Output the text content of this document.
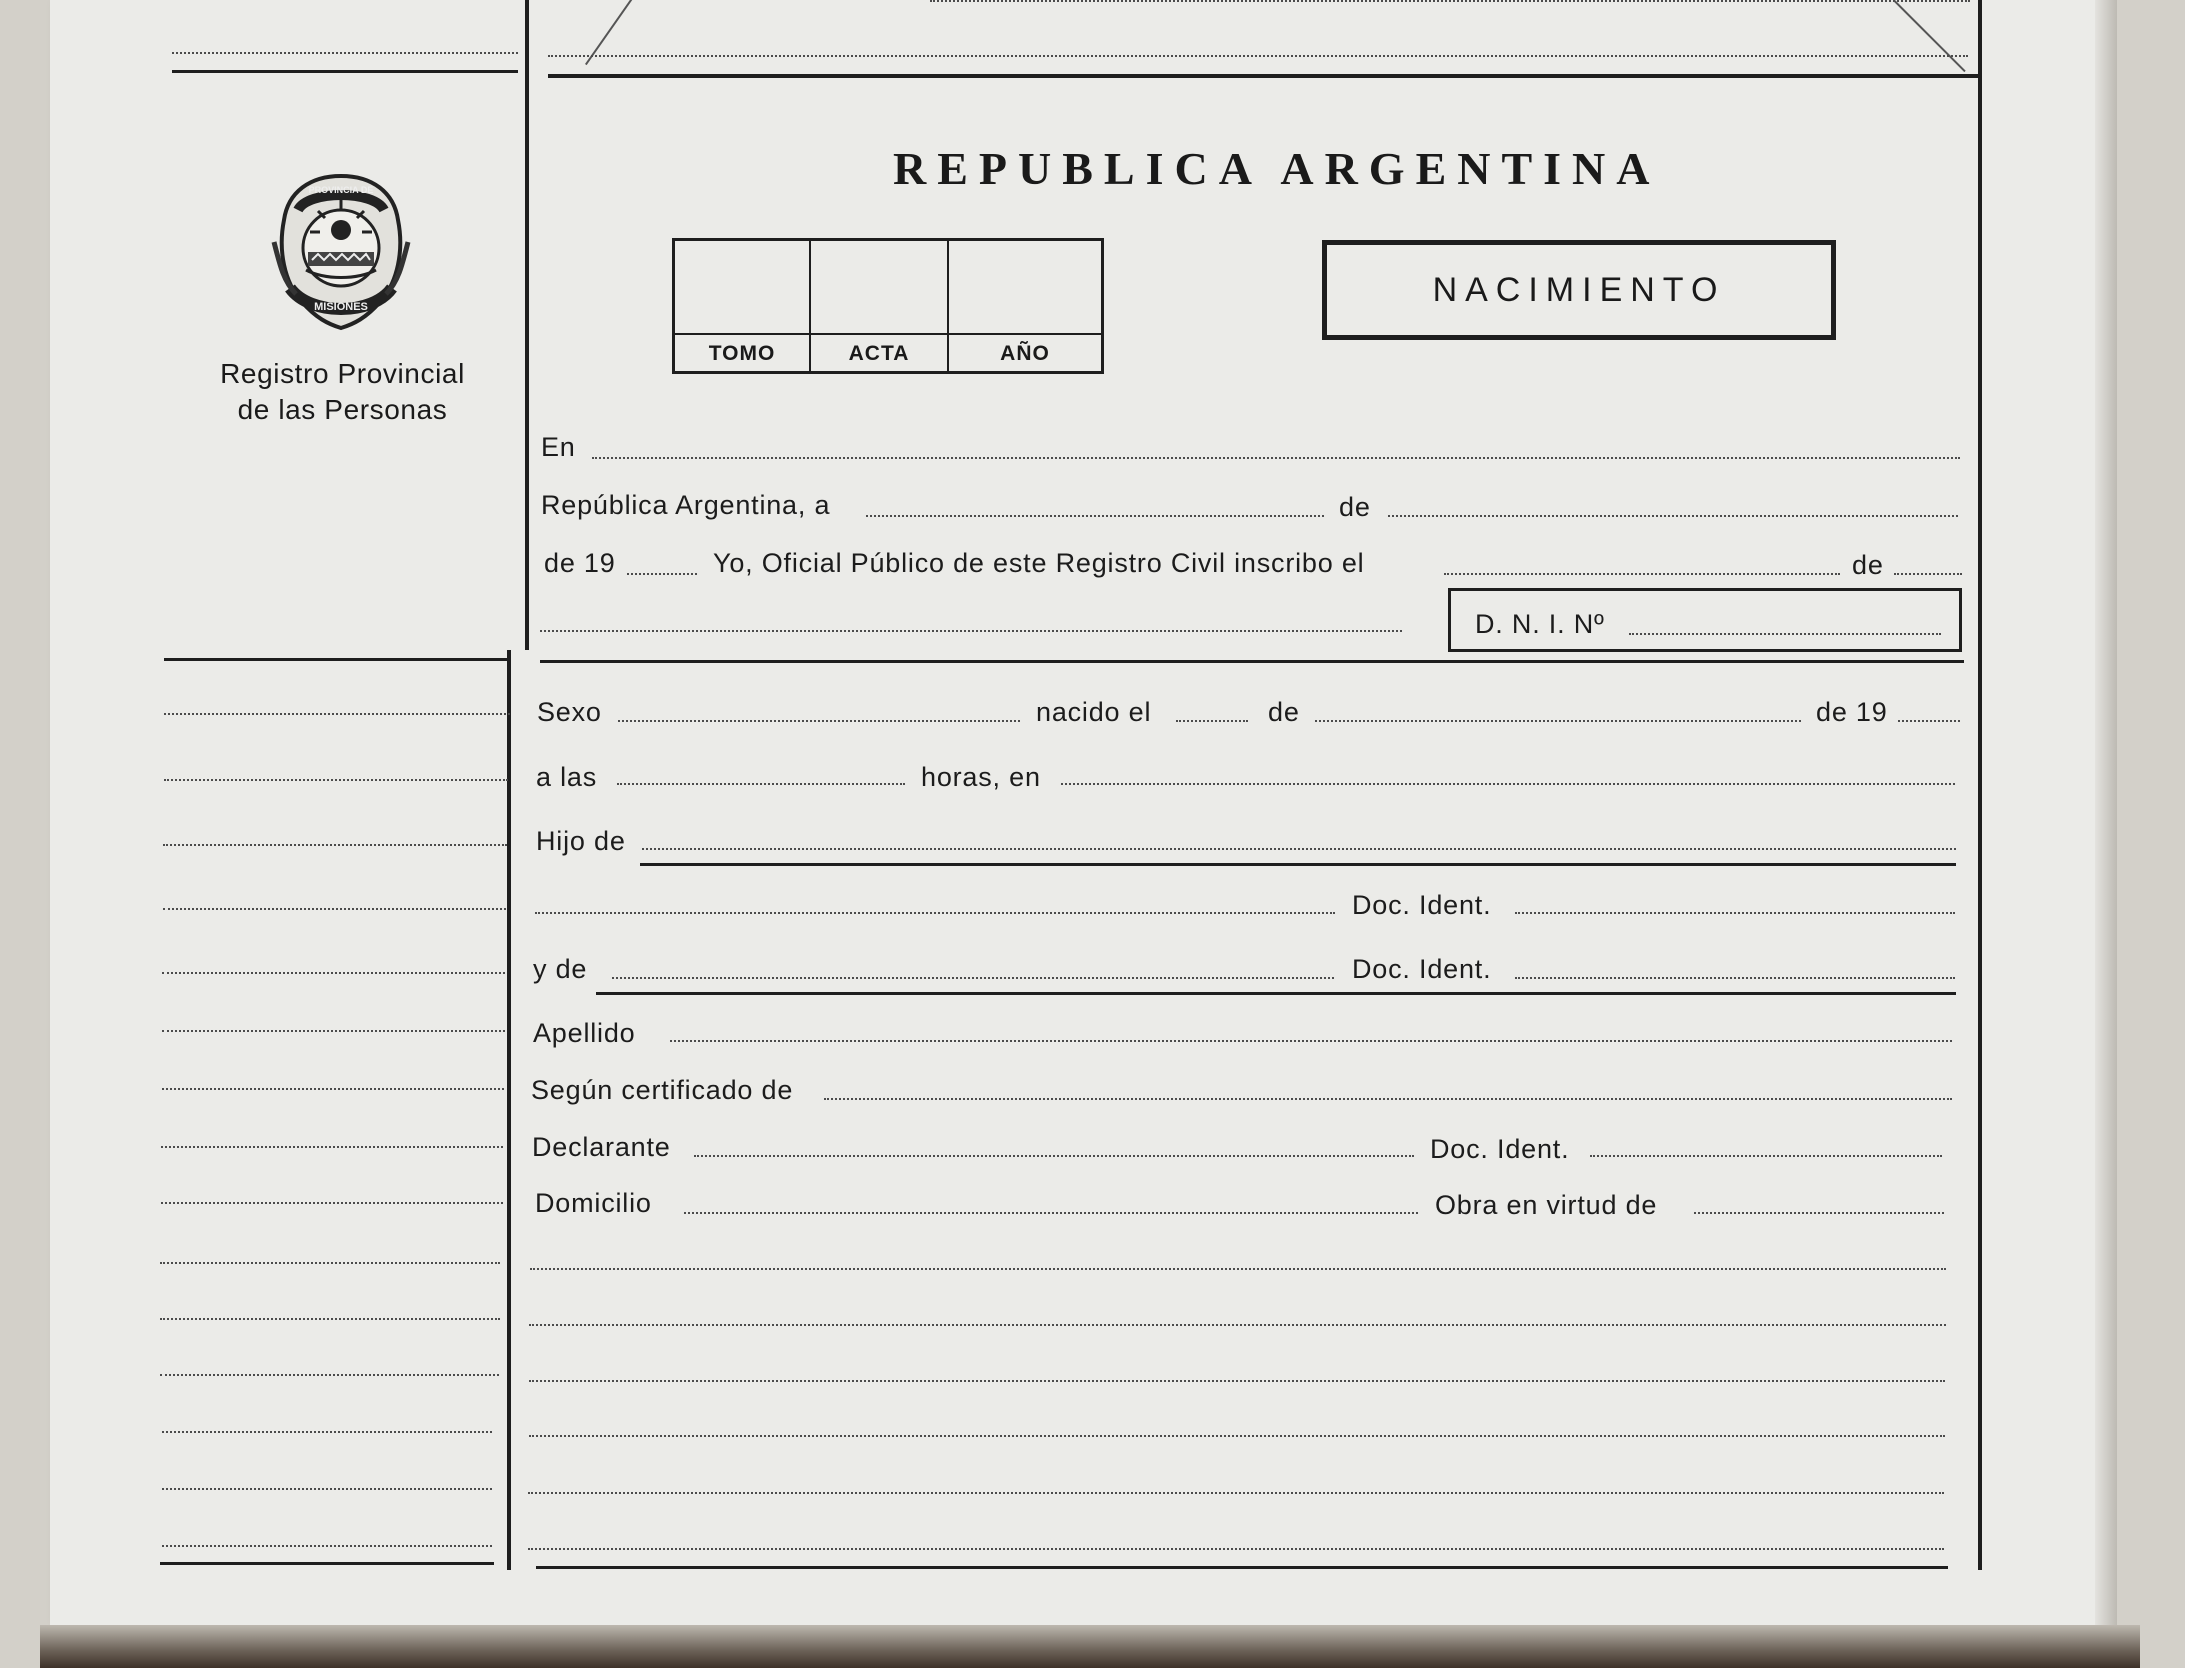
PROVINCIA DE
MISIONES
Registro Provincial
de las Personas
REPUBLICA ARGENTINA
TOMO	ACTA	AÑO
NACIMIENTO
En
República Argentina, a	de
de 19	Yo, Oficial Público de este Registro Civil inscribo el	de
D. N. I. Nº
Sexo	nacido el	de	de 19
a las	horas, en
Hijo de
Doc. Ident.
y de	Doc. Ident.
Apellido
Según certificado de
Declarante	Doc. Ident.
Domicilio	Obra en virtud de
